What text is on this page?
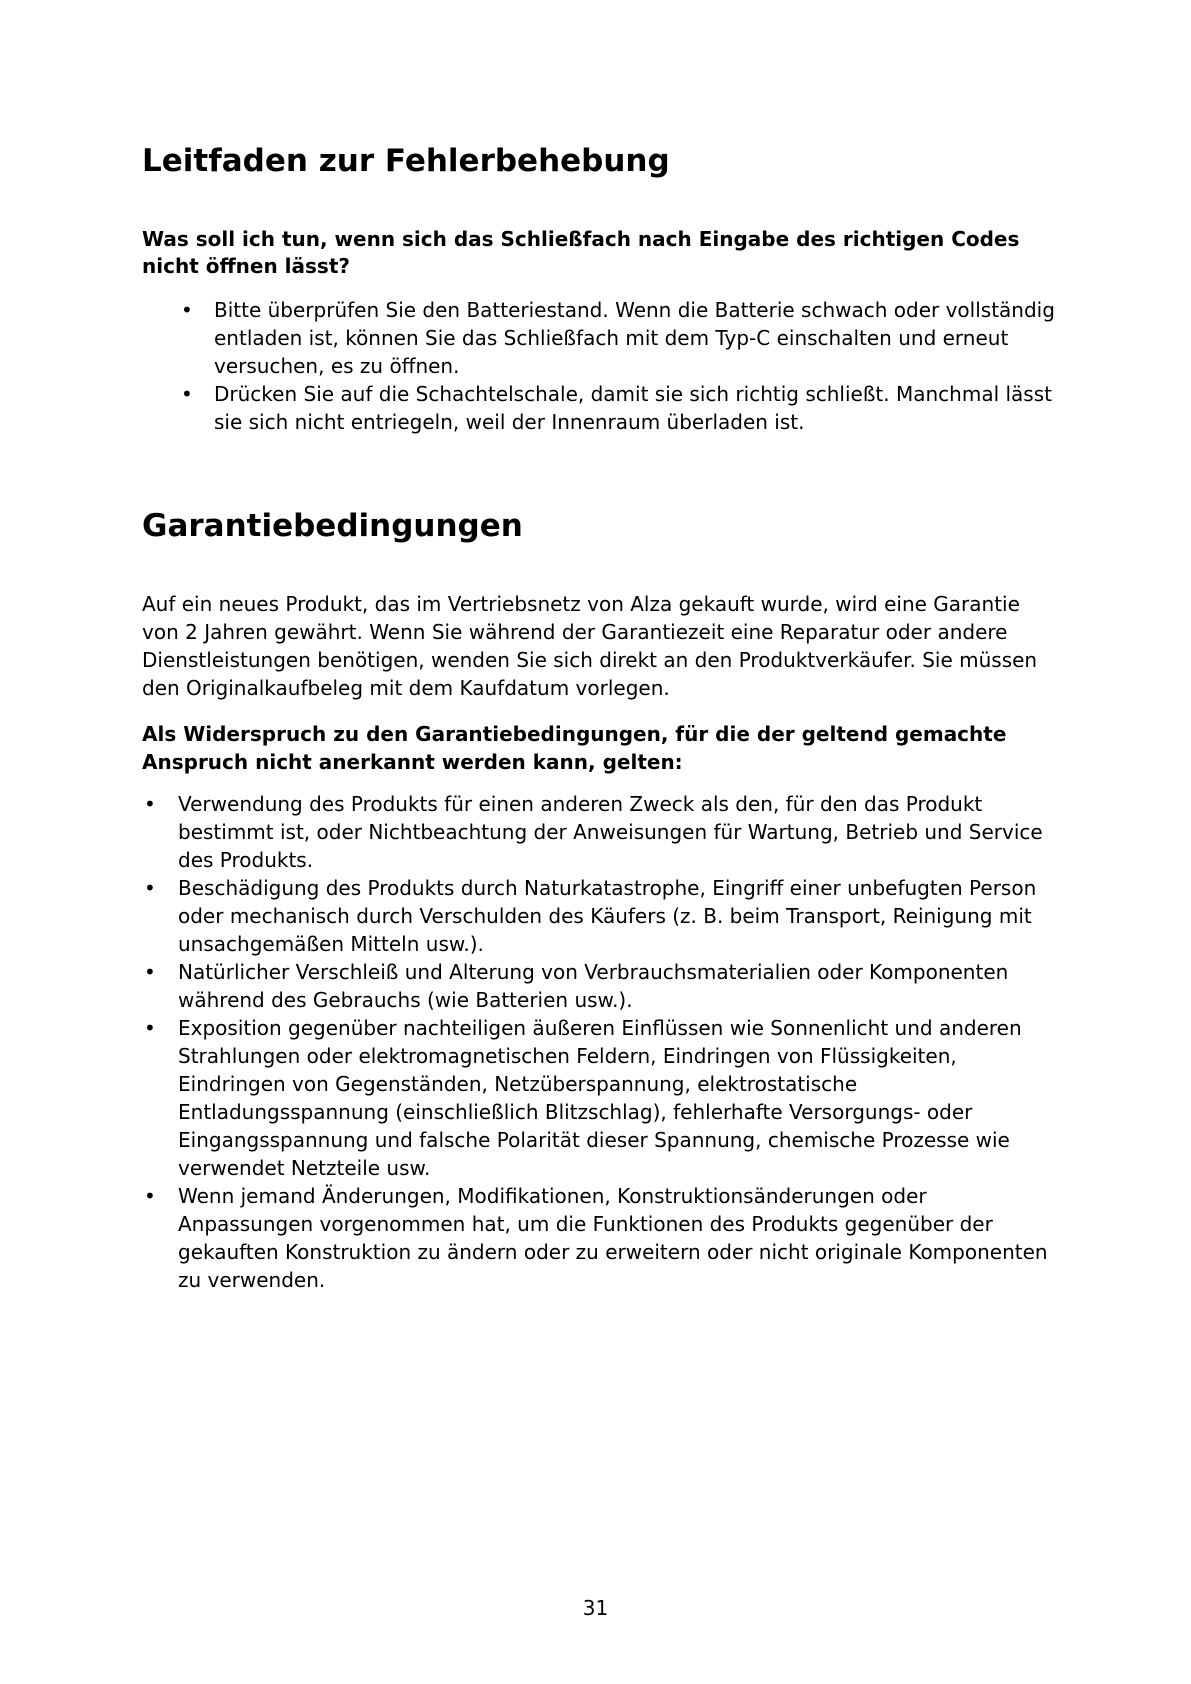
Leitfaden zur Fehlerbehebung

Was soll ich tun, wenn sich das Schließfach nach Eingabe des richtigen Codes nicht öffnen lässt?

• Bitte überprüfen Sie den Batteriestand. Wenn die Batterie schwach oder vollständig entladen ist, können Sie das Schließfach mit dem Typ-C einschalten und erneut versuchen, es zu öffnen.
• Drücken Sie auf die Schachtelschale, damit sie sich richtig schließt. Manchmal lässt sie sich nicht entriegeln, weil der Innenraum überladen ist.
Garantiebedingungen

Auf ein neues Produkt, das im Vertriebsnetz von Alza gekauft wurde, wird eine Garantie von 2 Jahren gewährt. Wenn Sie während der Garantiezeit eine Reparatur oder andere Dienstleistungen benötigen, wenden Sie sich direkt an den Produktverkäufer. Sie müssen den Originalkaufbeleg mit dem Kaufdatum vorlegen.

Als Widerspruch zu den Garantiebedingungen, für die der geltend gemachte Anspruch nicht anerkannt werden kann, gelten:

• Verwendung des Produkts für einen anderen Zweck als den, für den das Produkt bestimmt ist, oder Nichtbeachtung der Anweisungen für Wartung, Betrieb und Service des Produkts.
• Beschädigung des Produkts durch Naturkatastrophe, Eingriff einer unbefugten Person oder mechanisch durch Verschulden des Käufers (z. B. beim Transport, Reinigung mit unsachgemäßen Mitteln usw.).
• Natürlicher Verschleiß und Alterung von Verbrauchsmaterialien oder Komponenten während des Gebrauchs (wie Batterien usw.).
• Exposition gegenüber nachteiligen äußeren Einflüssen wie Sonnenlicht und anderen Strahlungen oder elektromagnetischen Feldern, Eindringen von Flüssigkeiten, Eindringen von Gegenständen, Netzüberspannung, elektrostatische Entladungsspannung (einschließlich Blitzschlag), fehlerhafte Versorgungs- oder Eingangsspannung und falsche Polarität dieser Spannung, chemische Prozesse wie verwendet Netzteile usw.
• Wenn jemand Änderungen, Modifikationen, Konstruktionsänderungen oder Anpassungen vorgenommen hat, um die Funktionen des Produkts gegenüber der gekauften Konstruktion zu ändern oder zu erweitern oder nicht originale Komponenten zu verwenden.

31
